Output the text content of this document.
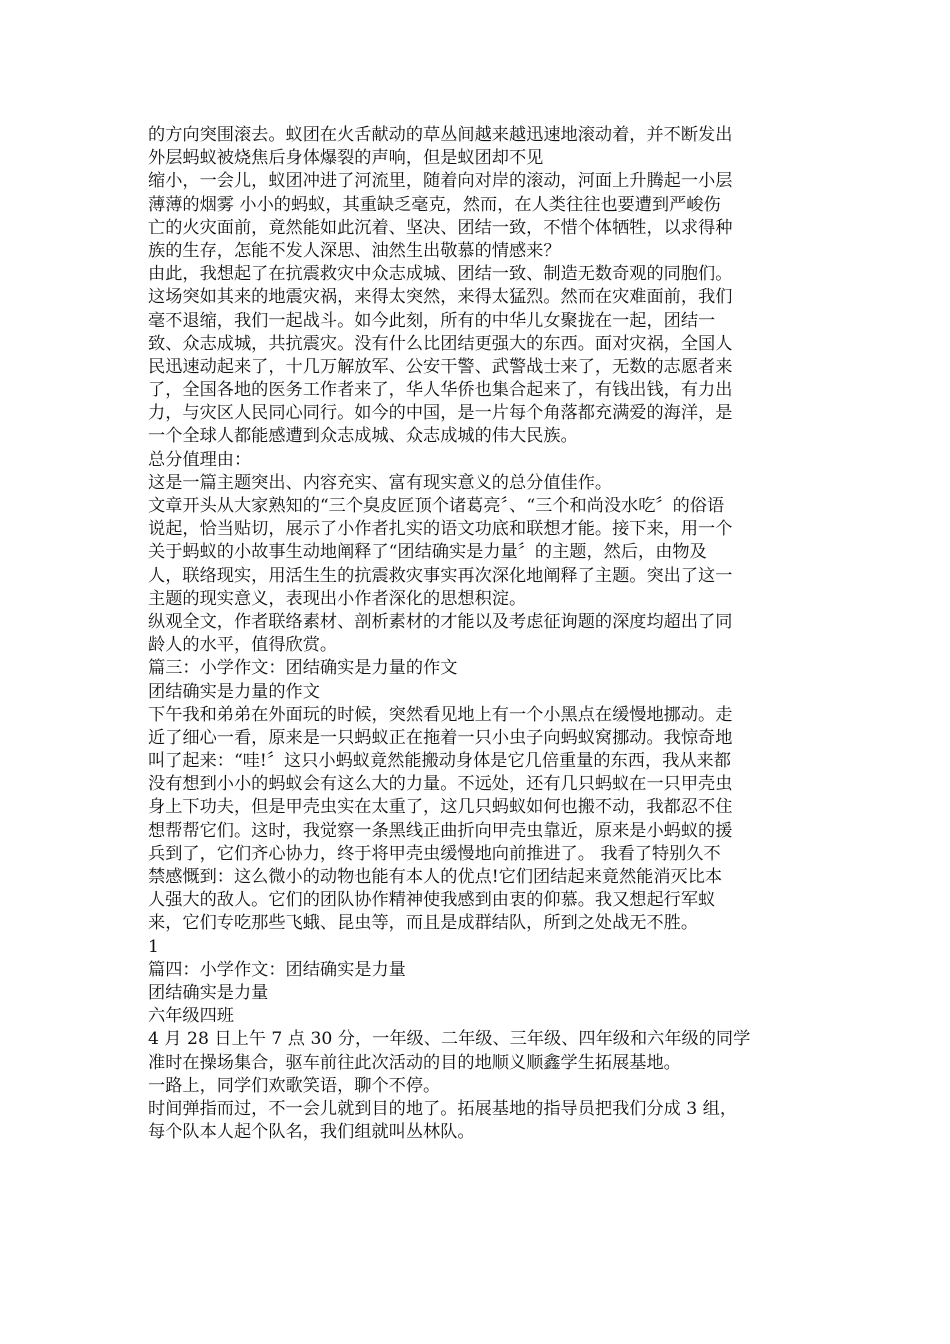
的方向突围滚去。蚁团在火舌献动的草丛间越来越迅速地滚动着，并不断发出
外层蚂蚁被烧焦后身体爆裂的声响，但是蚁团却不见
缩小，一会儿，蚁团冲进了河流里，随着向对岸的滚动，河面上升腾起一小层
薄薄的烟雾 小小的蚂蚁，其重缺乏毫克，然而，在人类往往也要遭到严峻伤
亡的火灾面前，竟然能如此沉着、坚决、团结一致，不惜个体牺牲，以求得种
族的生存，怎能不发人深思、油然生出敬慕的情感来？
由此，我想起了在抗震救灾中众志成城、团结一致、制造无数奇观的同胞们。
这场突如其来的地震灾祸，来得太突然，来得太猛烈。然而在灾难面前，我们
毫不退缩，我们一起战斗。如今此刻，所有的中华儿女聚拢在一起，团结一
致、众志成城，共抗震灾。没有什么比团结更强大的东西。面对灾祸，全国人
民迅速动起来了，十几万解放军、公安干警、武警战士来了，无数的志愿者来
了，全国各地的医务工作者来了，华人华侨也集合起来了，有钱出钱，有力出
力，与灾区人民同心同行。如今的中国，是一片每个角落都充满爱的海洋，是
一个全球人都能感遭到众志成城、众志成城的伟大民族。
总分值理由：
这是一篇主题突出、内容充实、富有现实意义的总分值佳作。
文章开头从大家熟知的“三个臭皮匠顶个诸葛亮〞、“三个和尚没水吃〞的俗语
说起，恰当贴切，展示了小作者扎实的语文功底和联想才能。接下来，用一个
关于蚂蚁的小故事生动地阐释了“团结确实是力量〞的主题，然后，由物及
人，联络现实，用活生生的抗震救灾事实再次深化地阐释了主题。突出了这一
主题的现实意义，表现出小作者深化的思想积淀。
纵观全文，作者联络素材、剖析素材的才能以及考虑征询题的深度均超出了同
龄人的水平，值得欣赏。
篇三：小学作文：团结确实是力量的作文
团结确实是力量的作文
下午我和弟弟在外面玩的时候，突然看见地上有一个小黑点在缓慢地挪动。走
近了细心一看，原来是一只蚂蚁正在拖着一只小虫子向蚂蚁窝挪动。我惊奇地
叫了起来：“哇!〞这只小蚂蚁竟然能搬动身体是它几倍重量的东西，我从来都
没有想到小小的蚂蚁会有这么大的力量。不远处，还有几只蚂蚁在一只甲壳虫
身上下功夫，但是甲壳虫实在太重了，这几只蚂蚁如何也搬不动，我都忍不住
想帮帮它们。这时，我觉察一条黑线正曲折向甲壳虫靠近，原来是小蚂蚁的援
兵到了，它们齐心协力，终于将甲壳虫缓慢地向前推进了。 我看了特别久不
禁感慨到：这么微小的动物也能有本人的优点!它们团结起来竟然能消灭比本
人强大的敌人。它们的团队协作精神使我感到由衷的仰慕。我又想起行军蚁
来，它们专吃那些飞蛾、昆虫等，而且是成群结队，所到之处战无不胜。
1
篇四：小学作文：团结确实是力量
团结确实是力量
六年级四班
4 月 28 日上午 7 点 30 分，一年级、二年级、三年级、四年级和六年级的同学
准时在操场集合，驱车前往此次活动的目的地顺义顺鑫学生拓展基地。
一路上，同学们欢歌笑语，聊个不停。
时间弹指而过，不一会儿就到目的地了。拓展基地的指导员把我们分成 3 组，
每个队本人起个队名，我们组就叫丛林队。
